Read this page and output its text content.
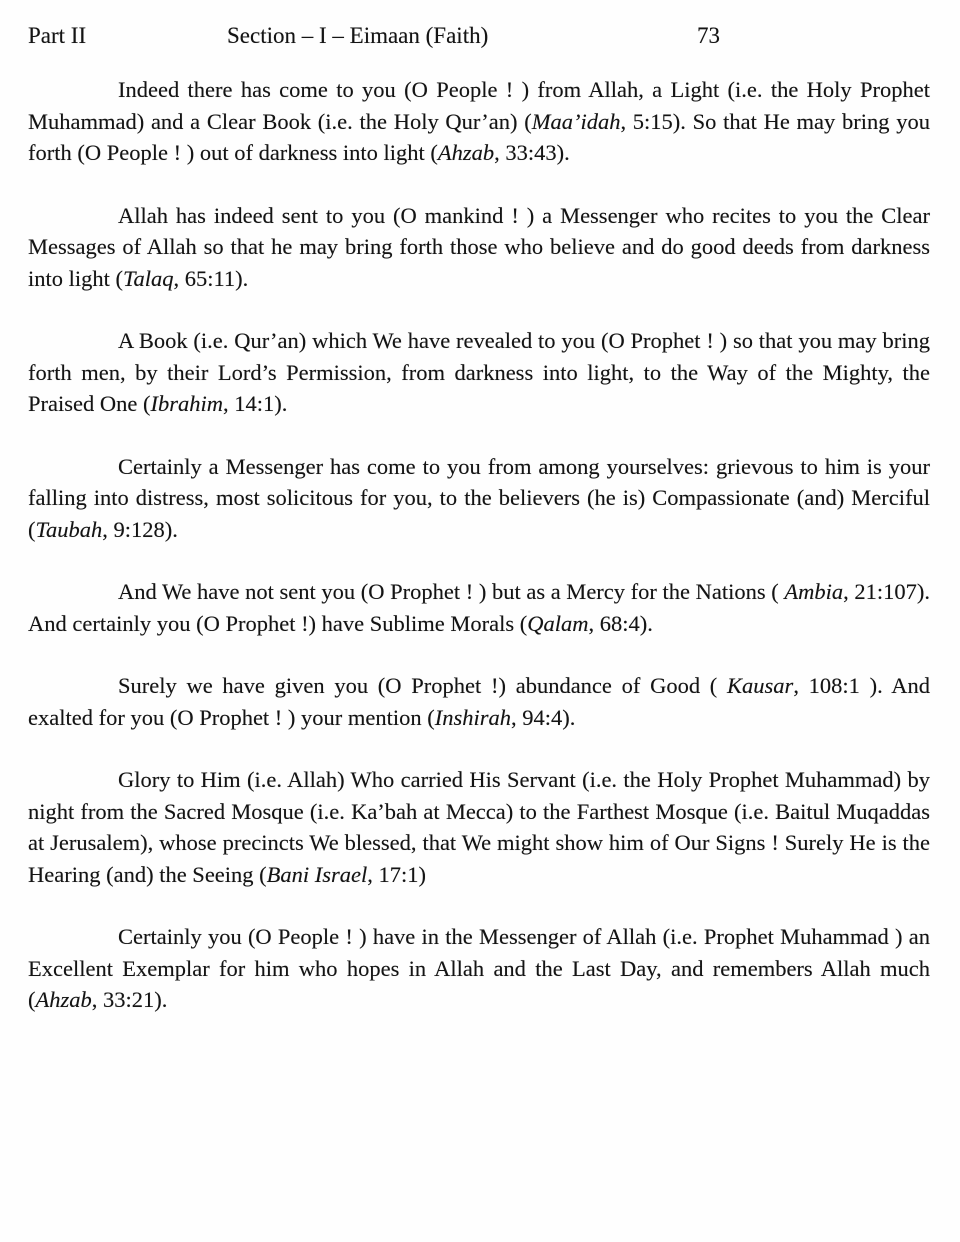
Part II	Section – I – Eimaan (Faith)	73

Indeed there has come to you (O People ! ) from Allah, a Light (i.e. the Holy Prophet Muhammad) and a Clear Book (i.e. the Holy Qur’an) (Maa’idah, 5:15). So that He may bring you forth (O People ! ) out of darkness into light (Ahzab, 33:43).

Allah has indeed sent to you (O mankind ! ) a Messenger who recites to you the Clear Messages of Allah so that he may bring forth those who believe and do good deeds from darkness into light (Talaq, 65:11).

A Book (i.e. Qur’an) which We have revealed to you (O Prophet ! ) so that you may bring forth men, by their Lord’s Permission, from darkness into light, to the Way of the Mighty, the Praised One (Ibrahim, 14:1).

Certainly a Messenger has come to you from among yourselves: grievous to him is your falling into distress, most solicitous for you, to the believers (he is) Compassionate (and) Merciful (Taubah, 9:128).

And We have not sent you (O Prophet ! ) but as a Mercy for the Nations ( Ambia, 21:107). And certainly you (O Prophet !) have Sublime Morals (Qalam, 68:4).

Surely we have given you (O Prophet !) abundance of Good ( Kausar, 108:1 ). And exalted for you (O Prophet ! ) your mention (Inshirah, 94:4).

Glory to Him (i.e. Allah) Who carried His Servant (i.e. the Holy Prophet Muhammad) by night from the Sacred Mosque (i.e. Ka’bah at Mecca) to the Farthest Mosque (i.e. Baitul Muqaddas at Jerusalem), whose precincts We blessed, that We might show him of Our Signs ! Surely He is the Hearing (and) the Seeing (Bani Israel, 17:1)

Certainly you (O People ! ) have in the Messenger of Allah (i.e. Prophet Muhammad ) an Excellent Exemplar for him who hopes in Allah and the Last Day, and remembers Allah much (Ahzab, 33:21).
